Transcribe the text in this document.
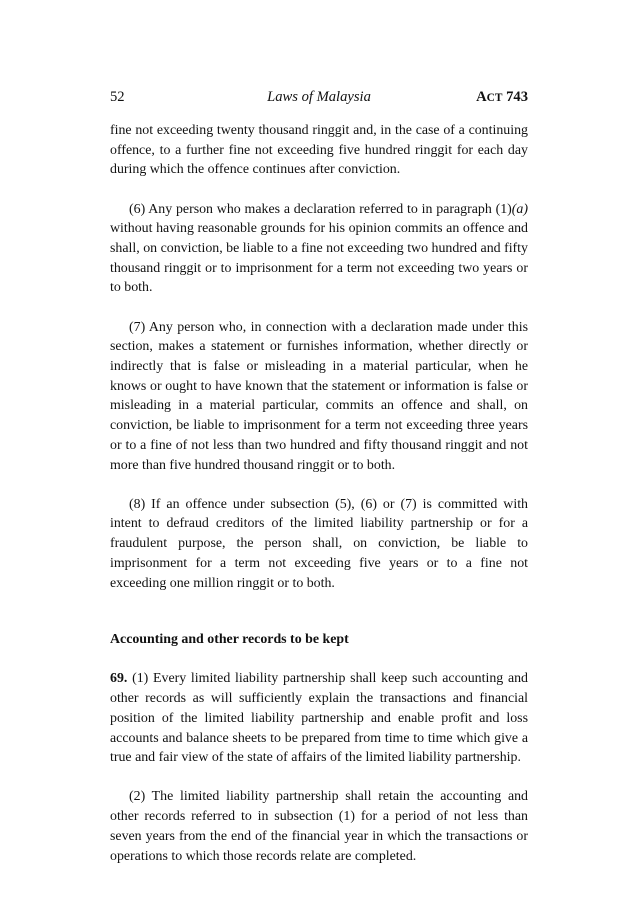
52	Laws of Malaysia	ACT 743

fine not exceeding twenty thousand ringgit and, in the case of a continuing offence, to a further fine not exceeding five hundred ringgit for each day during which the offence continues after conviction.

(6) Any person who makes a declaration referred to in paragraph (1)(a) without having reasonable grounds for his opinion commits an offence and shall, on conviction, be liable to a fine not exceeding two hundred and fifty thousand ringgit or to imprisonment for a term not exceeding two years or to both.

(7) Any person who, in connection with a declaration made under this section, makes a statement or furnishes information, whether directly or indirectly that is false or misleading in a material particular, when he knows or ought to have known that the statement or information is false or misleading in a material particular, commits an offence and shall, on conviction, be liable to imprisonment for a term not exceeding three years or to a fine of not less than two hundred and fifty thousand ringgit and not more than five hundred thousand ringgit or to both.

(8) If an offence under subsection (5), (6) or (7) is committed with intent to defraud creditors of the limited liability partnership or for a fraudulent purpose, the person shall, on conviction, be liable to imprisonment for a term not exceeding five years or to a fine not exceeding one million ringgit or to both.

Accounting and other records to be kept

69. (1) Every limited liability partnership shall keep such accounting and other records as will sufficiently explain the transactions and financial position of the limited liability partnership and enable profit and loss accounts and balance sheets to be prepared from time to time which give a true and fair view of the state of affairs of the limited liability partnership.

(2) The limited liability partnership shall retain the accounting and other records referred to in subsection (1) for a period of not less than seven years from the end of the financial year in which the transactions or operations to which those records relate are completed.
